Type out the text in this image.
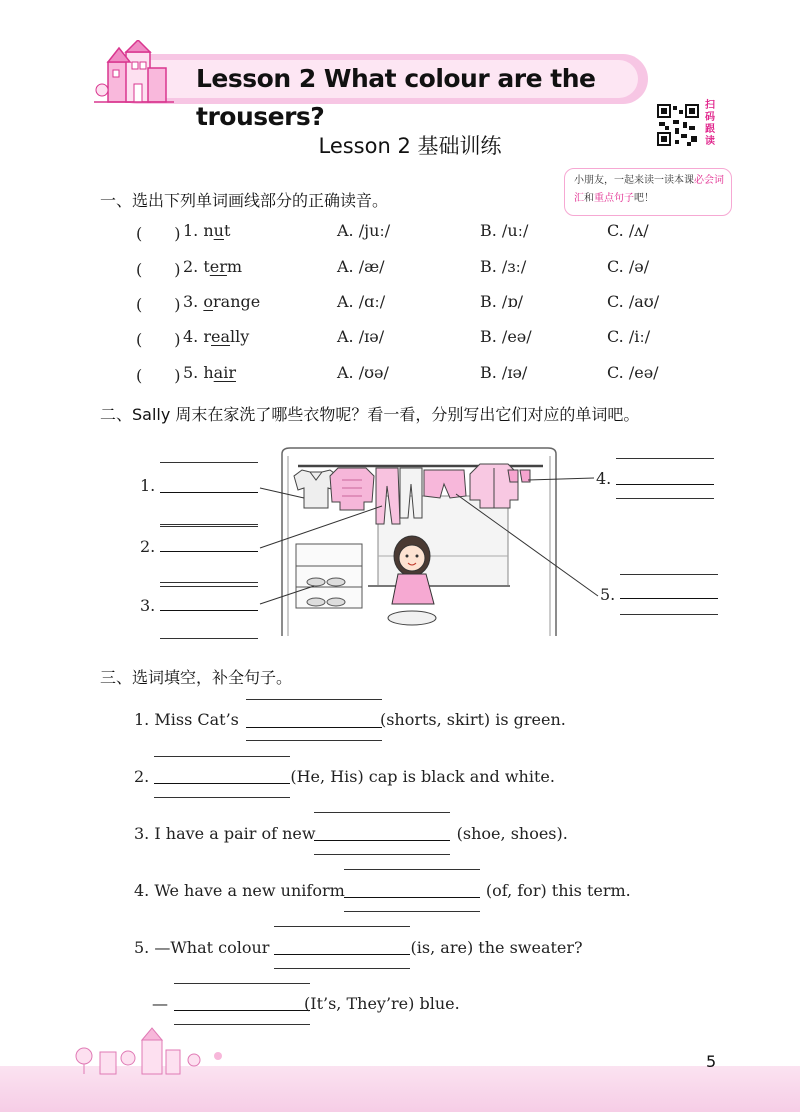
Lesson 2 What colour are the trousers?	扫码跟读
Lesson 2 基础训练
小朋友，一起来读一读本课必会词汇和重点句子吧！
一、选出下列单词画线部分的正确读音。
(　　) 1. nut	A. /juː/	B. /uː/	C. /ʌ/
(　　) 2. term	A. /æ/	B. /ɜː/	C. /ə/
(　　) 3. orange	A. /ɑː/	B. /ɒ/	C. /aʊ/
(　　) 4. really	A. /ɪə/	B. /eə/	C. /iː/
(　　) 5. hair	A. /ʊə/	B. /ɪə/	C. /eə/
二、Sally 周末在家洗了哪些衣物呢？看一看，分别写出它们对应的单词吧。
1.
2.
3.
4.
5.
三、选词填空，补全句子。
1. Miss Cat’s	(shorts, skirt) is green.
2.	(He, His) cap is black and white.
3. I have a pair of new	(shoe, shoes).
4. We have a new uniform	(of, for) this term.
5. —What colour	(is, are) the sweater?
—	(It’s, They’re) blue.
5
